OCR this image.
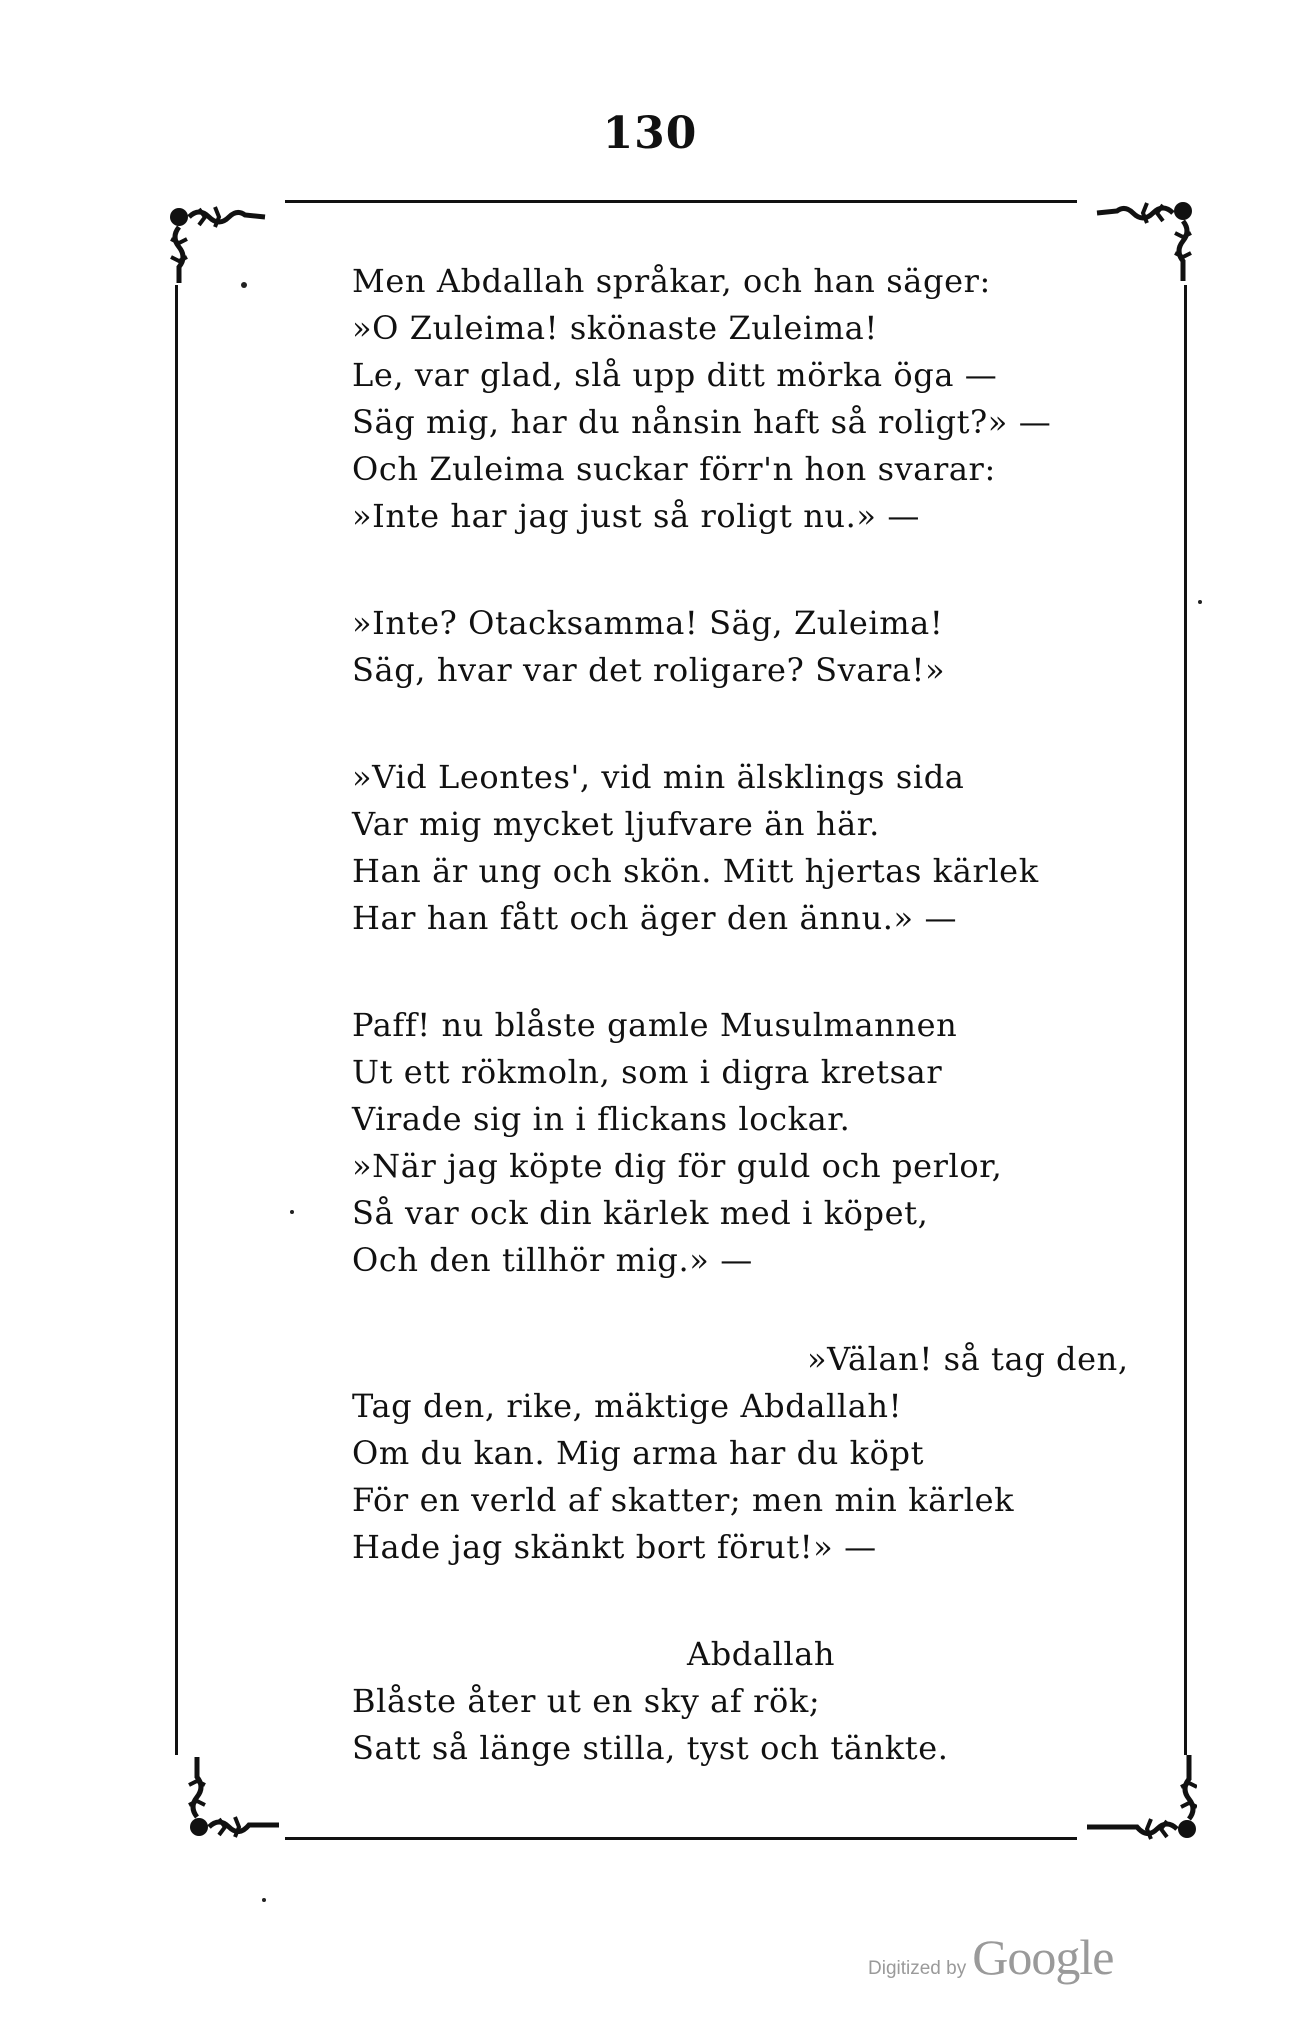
130
Men Abdallah språkar, och han säger:
»O Zuleima! skönaste Zuleima!
Le, var glad, slå upp ditt mörka öga —
Säg mig, har du nånsin haft så roligt?» —
Och Zuleima suckar förr'n hon svarar:
»Inte har jag just så roligt nu.» —
»Inte? Otacksamma! Säg, Zuleima!
Säg, hvar var det roligare? Svara!»
»Vid Leontes', vid min älsklings sida
Var mig mycket ljufvare än här.
Han är ung och skön. Mitt hjertas kärlek
Har han fått och äger den ännu.» —
Paff! nu blåste gamle Musulmannen
Ut ett rökmoln, som i digra kretsar
Virade sig in i flickans lockar.
»När jag köpte dig för guld och perlor,
Så var ock din kärlek med i köpet,
Och den tillhör mig.» —
»Välan! så tag den,
Tag den, rike, mäktige Abdallah!
Om du kan. Mig arma har du köpt
För en verld af skatter; men min kärlek
Hade jag skänkt bort förut!» —
Abdallah
Blåste åter ut en sky af rök;
Satt så länge stilla, tyst och tänkte.
Digitized by Google
